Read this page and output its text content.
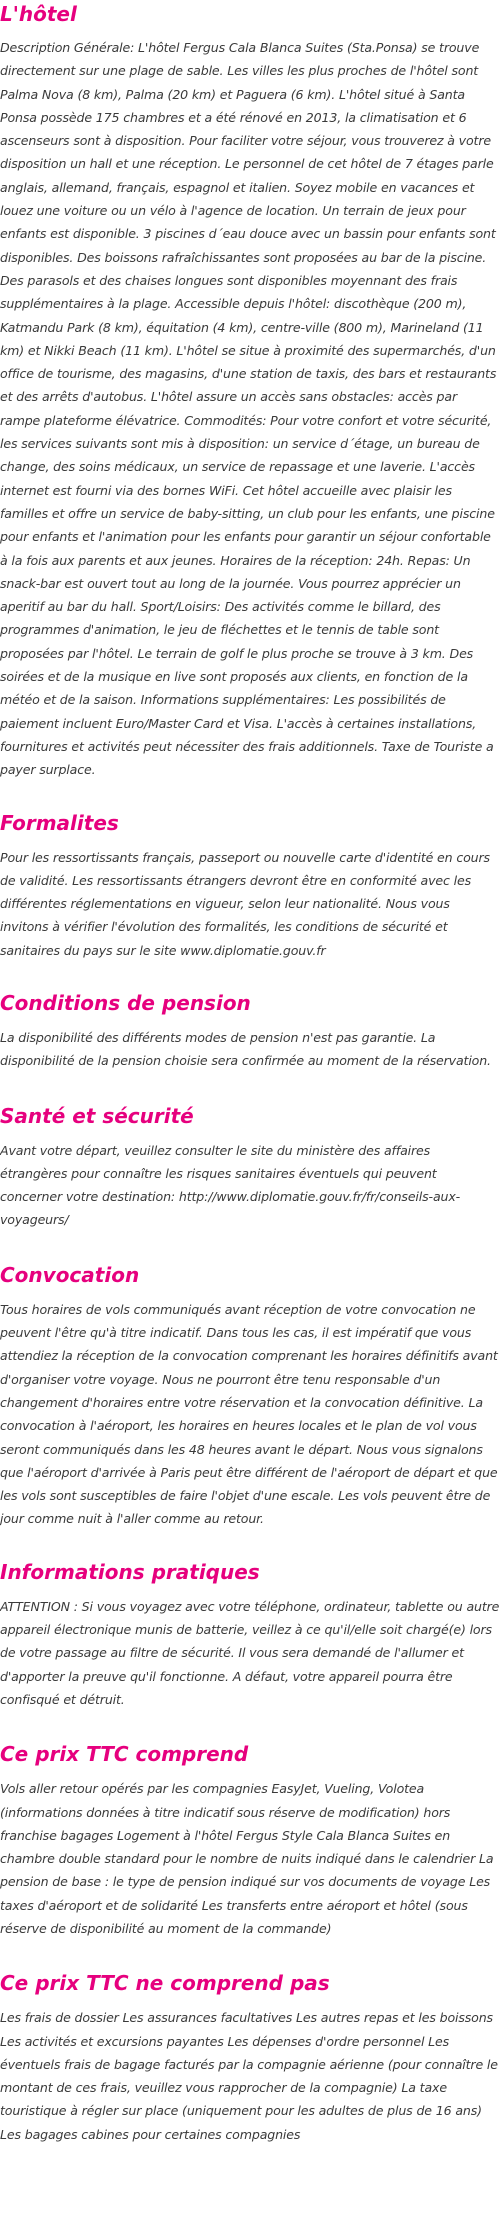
L'hôtel

Description Générale: L'hôtel Fergus Cala Blanca Suites (Sta.Ponsa) se trouve directement sur une plage de sable. Les villes les plus proches de l'hôtel sont Palma Nova (8 km), Palma (20 km) et Paguera (6 km). L'hôtel situé à Santa Ponsa possède 175 chambres et a été rénové en 2013, la climatisation et 6 ascenseurs sont à disposition. Pour faciliter votre séjour, vous trouverez à votre disposition un hall et une réception. Le personnel de cet hôtel de 7 étages parle anglais, allemand, français, espagnol et italien. Soyez mobile en vacances et louez une voiture ou un vélo à l'agence de location. Un terrain de jeux pour enfants est disponible. 3 piscines d´eau douce avec un bassin pour enfants sont disponibles. Des boissons rafraîchissantes sont proposées au bar de la piscine. Des parasols et des chaises longues sont disponibles moyennant des frais supplémentaires à la plage. Accessible depuis l'hôtel: discothèque (200 m), Katmandu Park (8 km), équitation (4 km), centre-ville (800 m), Marineland (11 km) et Nikki Beach (11 km). L'hôtel se situe à proximité des supermarchés, d'un office de tourisme, des magasins, d'une station de taxis, des bars et restaurants et des arrêts d'autobus. L'hôtel assure un accès sans obstacles: accès par rampe plateforme élévatrice. Commodités: Pour votre confort et votre sécurité, les services suivants sont mis à disposition: un service d´étage, un bureau de change, des soins médicaux, un service de repassage et une laverie. L'accès internet est fourni via des bornes WiFi. Cet hôtel accueille avec plaisir les familles et offre un service de baby-sitting, un club pour les enfants, une piscine pour enfants et l'animation pour les enfants pour garantir un séjour confortable à la fois aux parents et aux jeunes. Horaires de la réception: 24h. Repas: Un snack-bar est ouvert tout au long de la journée. Vous pourrez apprécier un aperitif au bar du hall. Sport/Loisirs: Des activités comme le billard, des programmes d'animation, le jeu de fléchettes et le tennis de table sont proposées par l'hôtel. Le terrain de golf le plus proche se trouve à 3 km. Des soirées et de la musique en live sont proposés aux clients, en fonction de la météo et de la saison. Informations supplémentaires: Les possibilités de paiement incluent Euro/Master Card et Visa. L'accès à certaines installations, fournitures et activités peut nécessiter des frais additionnels. Taxe de Touriste a payer surplace.

Formalites

Pour les ressortissants français, passeport ou nouvelle carte d'identité en cours de validité. Les ressortissants étrangers devront être en conformité avec les différentes réglementations en vigueur, selon leur nationalité. Nous vous invitons à vérifier l'évolution des formalités, les conditions de sécurité et sanitaires du pays sur le site www.diplomatie.gouv.fr

Conditions de pension

La disponibilité des différents modes de pension n'est pas garantie. La disponibilité de la pension choisie sera confirmée au moment de la réservation.

Santé et sécurité

Avant votre départ, veuillez consulter le site du ministère des affaires étrangères pour connaître les risques sanitaires éventuels qui peuvent concerner votre destination: http://www.diplomatie.gouv.fr/fr/conseils-aux-voyageurs/

Convocation

Tous horaires de vols communiqués avant réception de votre convocation ne peuvent l'être qu'à titre indicatif. Dans tous les cas, il est impératif que vous attendiez la réception de la convocation comprenant les horaires définitifs avant d'organiser votre voyage. Nous ne pourront être tenu responsable d'un changement d'horaires entre votre réservation et la convocation définitive. La convocation à l'aéroport, les horaires en heures locales et le plan de vol vous seront communiqués dans les 48 heures avant le départ. Nous vous signalons que l'aéroport d'arrivée à Paris peut être différent de l'aéroport de départ et que les vols sont susceptibles de faire l'objet d'une escale. Les vols peuvent être de jour comme nuit à l'aller comme au retour.

Informations pratiques

ATTENTION : Si vous voyagez avec votre téléphone, ordinateur, tablette ou autre appareil électronique munis de batterie, veillez à ce qu'il/elle soit chargé(e) lors de votre passage au filtre de sécurité. Il vous sera demandé de l'allumer et d'apporter la preuve qu'il fonctionne. A défaut, votre appareil pourra être confisqué et détruit.

Ce prix TTC comprend

Vols aller retour opérés par les compagnies EasyJet, Vueling, Volotea (informations données à titre indicatif sous réserve de modification) hors franchise bagages Logement à l'hôtel Fergus Style Cala Blanca Suites en chambre double standard pour le nombre de nuits indiqué dans le calendrier La pension de base : le type de pension indiqué sur vos documents de voyage Les taxes d'aéroport et de solidarité Les transferts entre aéroport et hôtel (sous réserve de disponibilité au moment de la commande)

Ce prix TTC ne comprend pas

Les frais de dossier Les assurances facultatives Les autres repas et les boissons Les activités et excursions payantes Les dépenses d'ordre personnel Les éventuels frais de bagage facturés par la compagnie aérienne (pour connaître le montant de ces frais, veuillez vous rapprocher de la compagnie) La taxe touristique à régler sur place (uniquement pour les adultes de plus de 16 ans) Les bagages cabines pour certaines compagnies
